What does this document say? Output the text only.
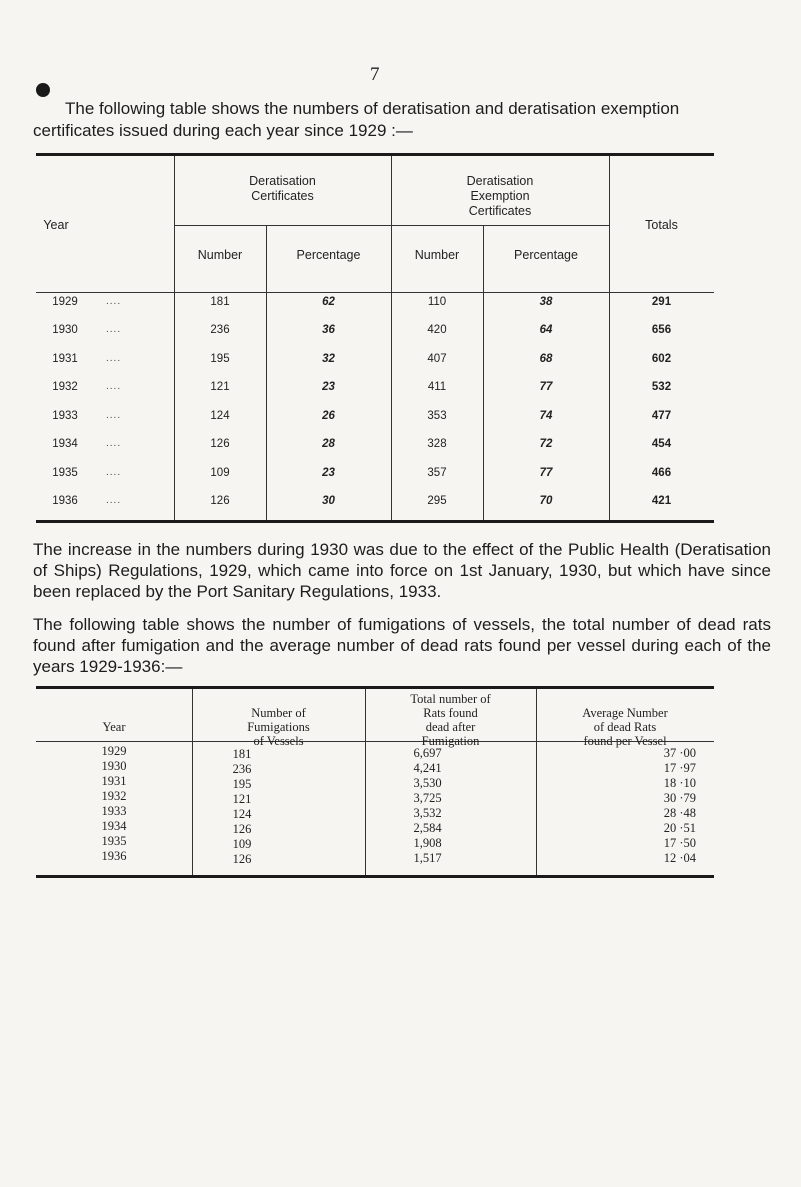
7
The following table shows the numbers of deratisation and deratisation exemption
certificates issued during each year since 1929 :—
Year
Deratisation
Certificates
Deratisation
Exemption
Certificates
Totals
Number	Percentage	Number	Percentage
1929	....	181	62	110	38	291
1930	....	236	36	420	64	656
1931	....	195	32	407	68	602
1932	....	121	23	411	77	532
1933	....	124	26	353	74	477
1934	....	126	28	328	72	454
1935	....	109	23	357	77	466
1936	....	126	30	295	70	421
The increase in the numbers during 1930 was due to the effect of the Public Health (Deratisation of Ships) Regulations, 1929, which came into force on 1st January, 1930, but which have since been replaced by the Port Sanitary Regulations, 1933.
The following table shows the number of fumigations of vessels, the total number of dead rats found after fumigation and the average number of dead rats found per vessel during each of the years 1929-1936:—
Year
Number of
Fumigations
of Vessels
Total number of
Rats found
dead after
Fumigation
Average Number
of dead Rats
found per Vessel
1929	181	6,697	37 ·00
1930	236	4,241	17 ·97
1931	195	3,530	18 ·10
1932	121	3,725	30 ·79
1933	124	3,532	28 ·48
1934	126	2,584	20 ·51
1935	109	1,908	17 ·50
1936	126	1,517	12 ·04
